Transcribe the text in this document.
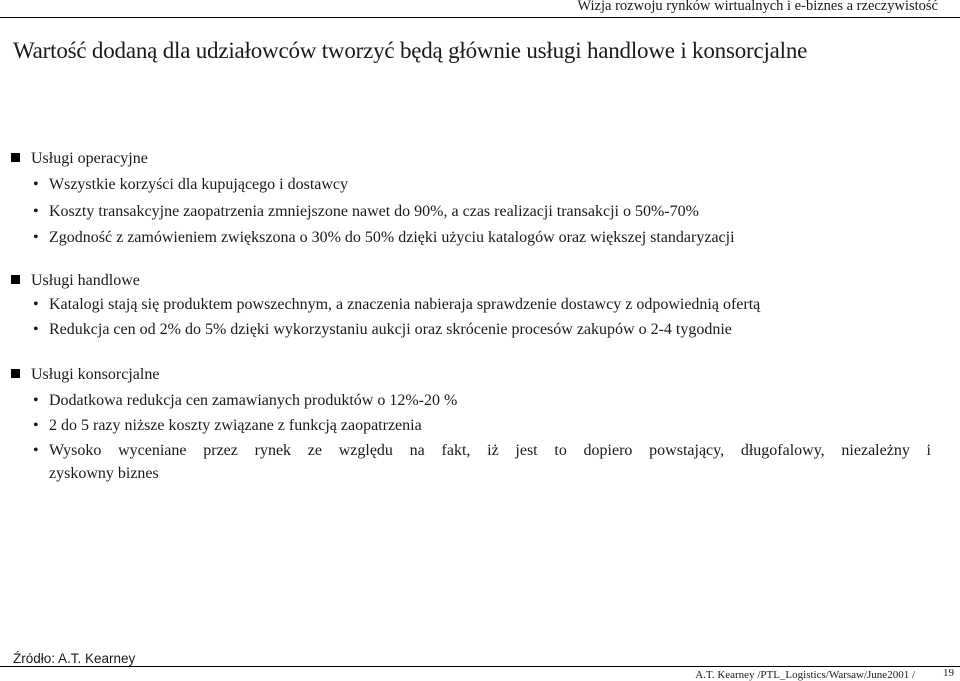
Wizja rozwoju rynków wirtualnych i e-biznes a rzeczywistość
Wartość dodaną dla udziałowców tworzyć będą głównie usługi handlowe i konsorcjalne
Usługi operacyjne
• Wszystkie korzyści dla kupującego i dostawcy
• Koszty transakcyjne zaopatrzenia zmniejszone nawet do 90%, a czas realizacji transakcji o 50%-70%
• Zgodność z zamówieniem zwiększona o 30% do 50% dzięki użyciu katalogów oraz większej standaryzacji
Usługi handlowe
• Katalogi stają się produktem powszechnym, a znaczenia nabieraja sprawdzenie dostawcy z odpowiednią ofertą
• Redukcja cen od 2% do 5% dzięki wykorzystaniu aukcji oraz skrócenie procesów zakupów o 2-4 tygodnie
Usługi konsorcjalne
• Dodatkowa redukcja cen zamawianych produktów o 12%-20 %
• 2 do 5 razy niższe koszty związane z funkcją zaopatrzenia
• Wysoko wyceniane przez rynek ze względu na fakt, iż jest to dopiero powstający, długofalowy, niezależny i
zyskowny biznes
Źródło: A.T. Kearney
A.T. Kearney /PTL_Logistics/Warsaw/June2001 /	19
